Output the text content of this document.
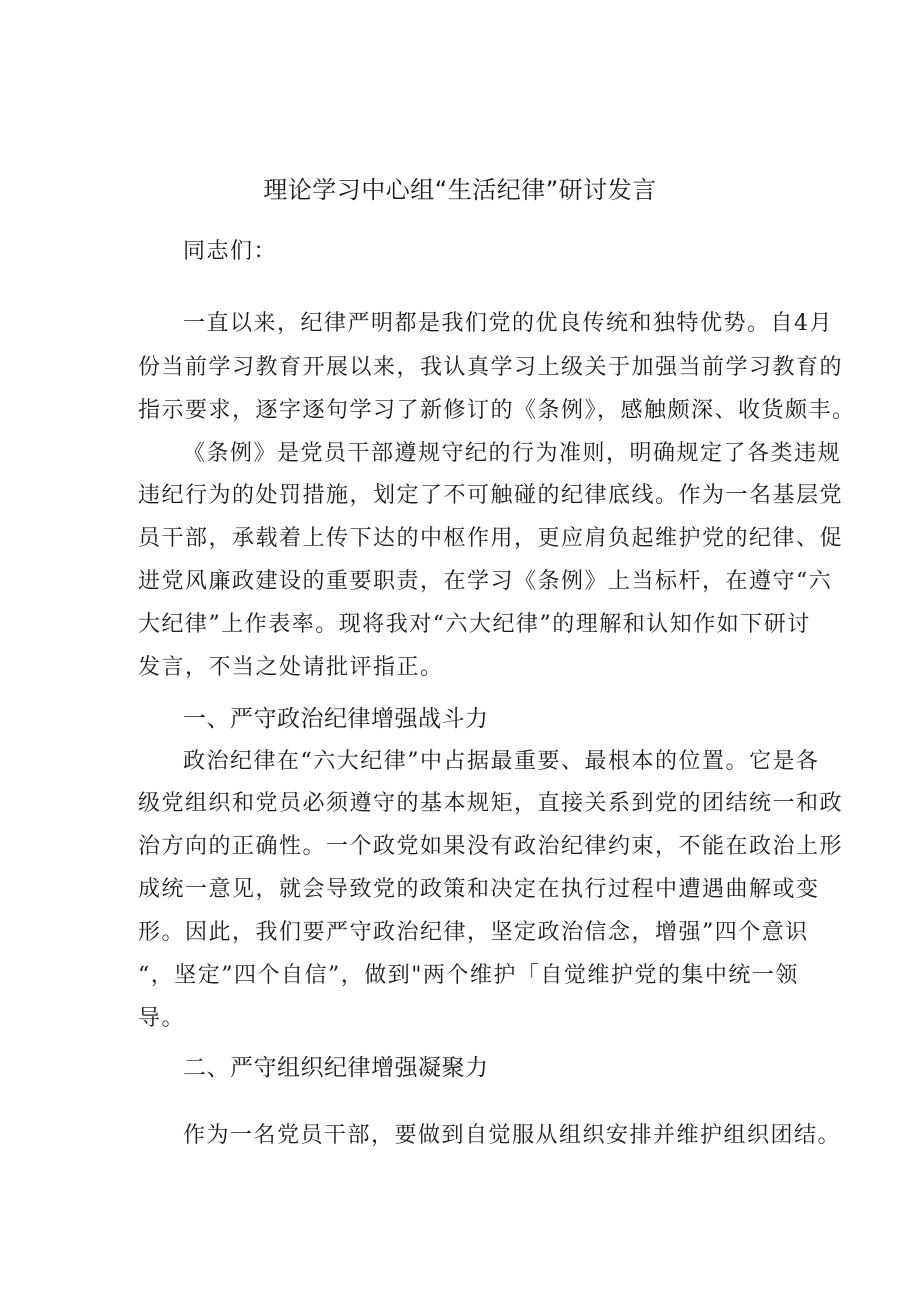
理论学习中心组“生活纪律”研讨发言
同志们：
一直以来，纪律严明都是我们党的优良传统和独特优势。自4月
份当前学习教育开展以来，我认真学习上级关于加强当前学习教育的
指示要求，逐字逐句学习了新修订的《条例》，感触颇深、收货颇丰。
《条例》是党员干部遵规守纪的行为准则，明确规定了各类违规
违纪行为的处罚措施，划定了不可触碰的纪律底线。作为一名基层党
员干部，承载着上传下达的中枢作用，更应肩负起维护党的纪律、促
进党风廉政建设的重要职责，在学习《条例》上当标杆，在遵守“六
大纪律”上作表率。现将我对“六大纪律”的理解和认知作如下研讨
发言，不当之处请批评指正。
一、严守政治纪律增强战斗力
政治纪律在“六大纪律”中占据最重要、最根本的位置。它是各
级党组织和党员必须遵守的基本规矩，直接关系到党的团结统一和政
治方向的正确性。一个政党如果没有政治纪律约束，不能在政治上形
成统一意见，就会导致党的政策和决定在执行过程中遭遇曲解或变
形。因此，我们要严守政治纪律，坚定政治信念，增强”四个意识
“，坚定”四个自信”，做到"两个维护「自觉维护党的集中统一领
导。
二、严守组织纪律增强凝聚力
作为一名党员干部，要做到自觉服从组织安排并维护组织团结。
